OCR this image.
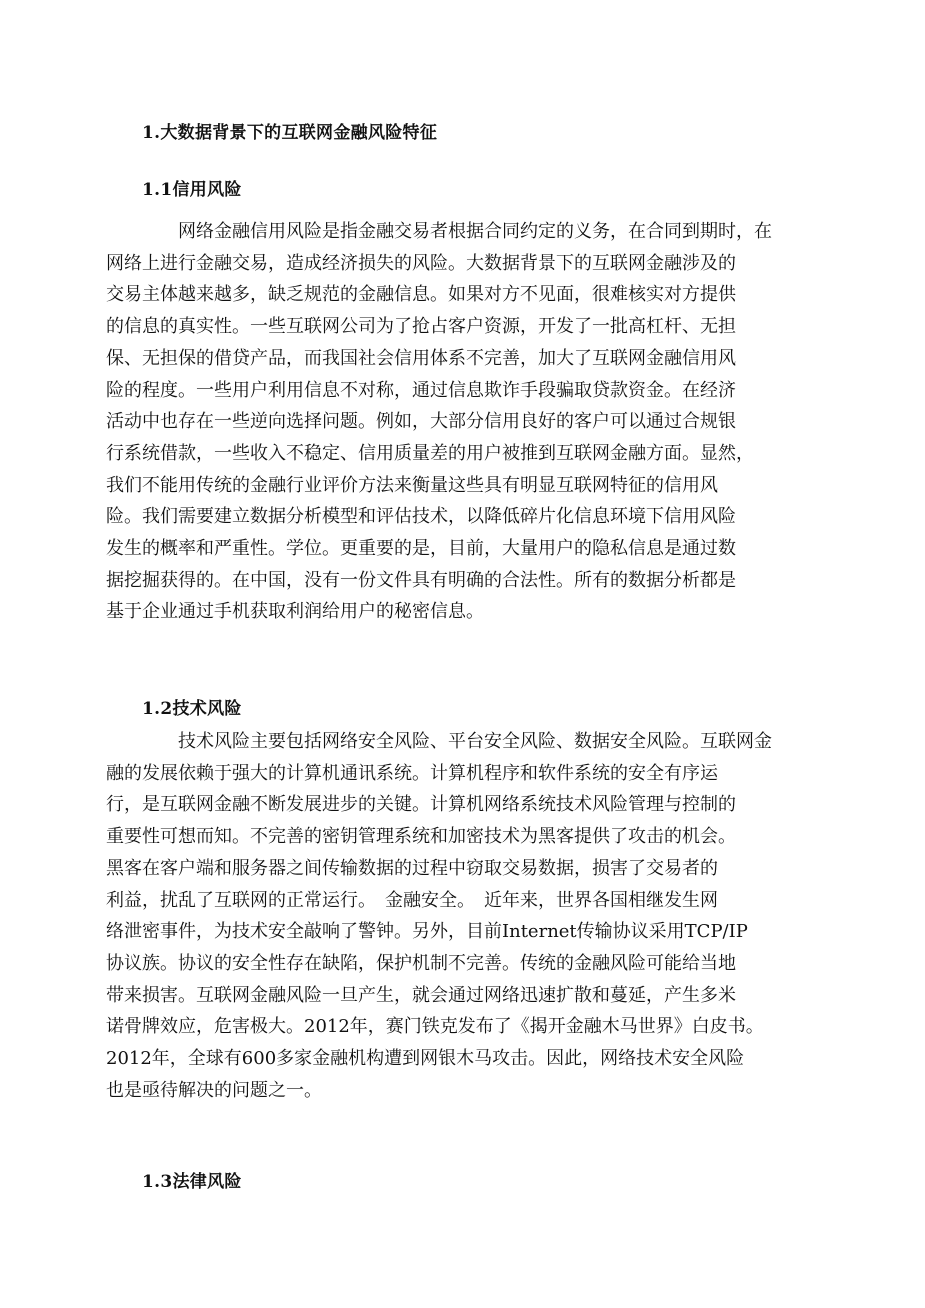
1.大数据背景下的互联网金融风险特征
1.1信用风险

网络金融信用风险是指金融交易者根据合同约定的义务，在合同到期时，在
网络上进行金融交易，造成经济损失的风险。大数据背景下的互联网金融涉及的
交易主体越来越多，缺乏规范的金融信息。如果对方不见面，很难核实对方提供
的信息的真实性。一些互联网公司为了抢占客户资源，开发了一批高杠杆、无担
保、无担保的借贷产品，而我国社会信用体系不完善，加大了互联网金融信用风
险的程度。一些用户利用信息不对称，通过信息欺诈手段骗取贷款资金。在经济
活动中也存在一些逆向选择问题。例如，大部分信用良好的客户可以通过合规银
行系统借款，一些收入不稳定、信用质量差的用户被推到互联网金融方面。显然，
我们不能用传统的金融行业评价方法来衡量这些具有明显互联网特征的信用风
险。我们需要建立数据分析模型和评估技术，以降低碎片化信息环境下信用风险
发生的概率和严重性。学位。更重要的是，目前，大量用户的隐私信息是通过数
据挖掘获得的。在中国，没有一份文件具有明确的合法性。所有的数据分析都是
基于企业通过手机获取利润给用户的秘密信息。

1.2技术风险

技术风险主要包括网络安全风险、平台安全风险、数据安全风险。互联网金
融的发展依赖于强大的计算机通讯系统。计算机程序和软件系统的安全有序运
行，是互联网金融不断发展进步的关键。计算机网络系统技术风险管理与控制的
重要性可想而知。不完善的密钥管理系统和加密技术为黑客提供了攻击的机会。
黑客在客户端和服务器之间传输数据的过程中窃取交易数据，损害了交易者的
利益，扰乱了互联网的正常运行。　金融安全。　近年来，世界各国相继发生网
络泄密事件，为技术安全敲响了警钟。另外，目前Internet传输协议采用TCP/IP
协议族。协议的安全性存在缺陷，保护机制不完善。传统的金融风险可能给当地
带来损害。互联网金融风险一旦产生，就会通过网络迅速扩散和蔓延，产生多米
诺骨牌效应，危害极大。2012年，赛门铁克发布了《揭开金融木马世界》白皮书。
2012年，全球有600多家金融机构遭到网银木马攻击。因此，网络技术安全风险
也是亟待解决的问题之一。

1.3法律风险
